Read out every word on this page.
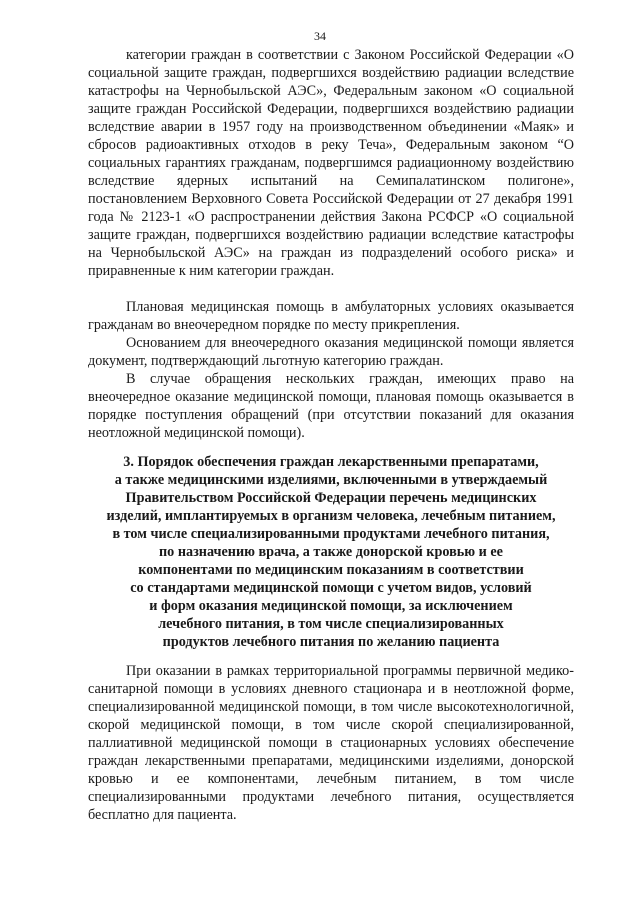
34

категории граждан в соответствии с Законом Российской Федерации «О социальной защите граждан, подвергшихся воздействию радиации вследствие катастрофы на Чернобыльской АЭС», Федеральным законом «О социальной защите граждан Российской Федерации, подвергшихся воздействию радиации вследствие аварии в 1957 году на производственном объединении «Маяк» и сбросов радиоактивных отходов в реку Теча», Федеральным законом “О социальных гарантиях гражданам, подвергшимся радиационному воздействию вследствие ядерных испытаний на Семипалатинском полигоне», постановлением Верховного Совета Российской Федерации от 27 декабря 1991 года № 2123-1 «О распространении действия Закона РСФСР «О социальной защите граждан, подвергшихся воздействию радиации вследствие катастрофы на Чернобыльской АЭС» на граждан из подразделений особого риска» и приравненные к ним категории граждан.

Плановая медицинская помощь в амбулаторных условиях оказывается гражданам во внеочередном порядке по месту прикрепления.

Основанием для внеочередного оказания медицинской помощи является документ, подтверждающий льготную категорию граждан.

В случае обращения нескольких граждан, имеющих право на внеочередное оказание медицинской помощи, плановая помощь оказывается в порядке поступления обращений (при отсутствии показаний для оказания неотложной медицинской помощи).

3. Порядок обеспечения граждан лекарственными препаратами,
а также медицинскими изделиями, включенными в утверждаемый
Правительством Российской Федерации перечень медицинских
изделий, имплантируемых в организм человека, лечебным питанием,
в том числе специализированными продуктами лечебного питания,
по назначению врача, а также донорской кровью и ее
компонентами по медицинским показаниям в соответствии
со стандартами медицинской помощи с учетом видов, условий
и форм оказания медицинской помощи, за исключением
лечебного питания, в том числе специализированных
продуктов лечебного питания по желанию пациента

При оказании в рамках территориальной программы первичной медико-санитарной помощи в условиях дневного стационара и в неотложной форме, специализированной медицинской помощи, в том числе высокотехнологичной, скорой медицинской помощи, в том числе скорой специализированной, паллиативной медицинской помощи в стационарных условиях обеспечение граждан лекарственными препаратами, медицинскими изделиями, донорской кровью и ее компонентами, лечебным питанием, в том числе специализированными продуктами лечебного питания, осуществляется бесплатно для пациента.
